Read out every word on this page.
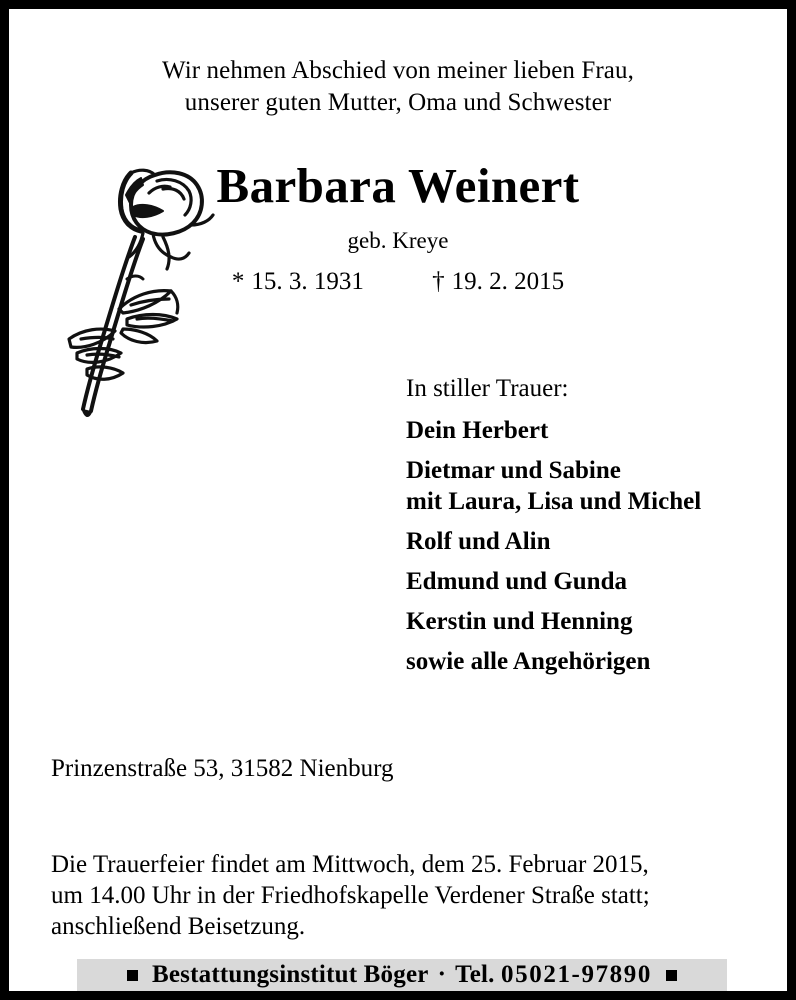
Wir nehmen Abschied von meiner lieben Frau,
unserer guten Mutter, Oma und Schwester
Barbara Weinert
geb. Kreye
* 15. 3. 1931	† 19. 2. 2015
In stiller Trauer:
Dein Herbert
Dietmar und Sabine
mit Laura, Lisa und Michel
Rolf und Alin
Edmund und Gunda
Kerstin und Henning
sowie alle Angehörigen
Prinzenstraße 53, 31582 Nienburg
Die Trauerfeier findet am Mittwoch, dem 25. Februar 2015,
um 14.00 Uhr in der Friedhofskapelle Verdener Straße statt;
anschließend Beisetzung.
Bestattungsinstitut Böger · Tel. 05021-97890
